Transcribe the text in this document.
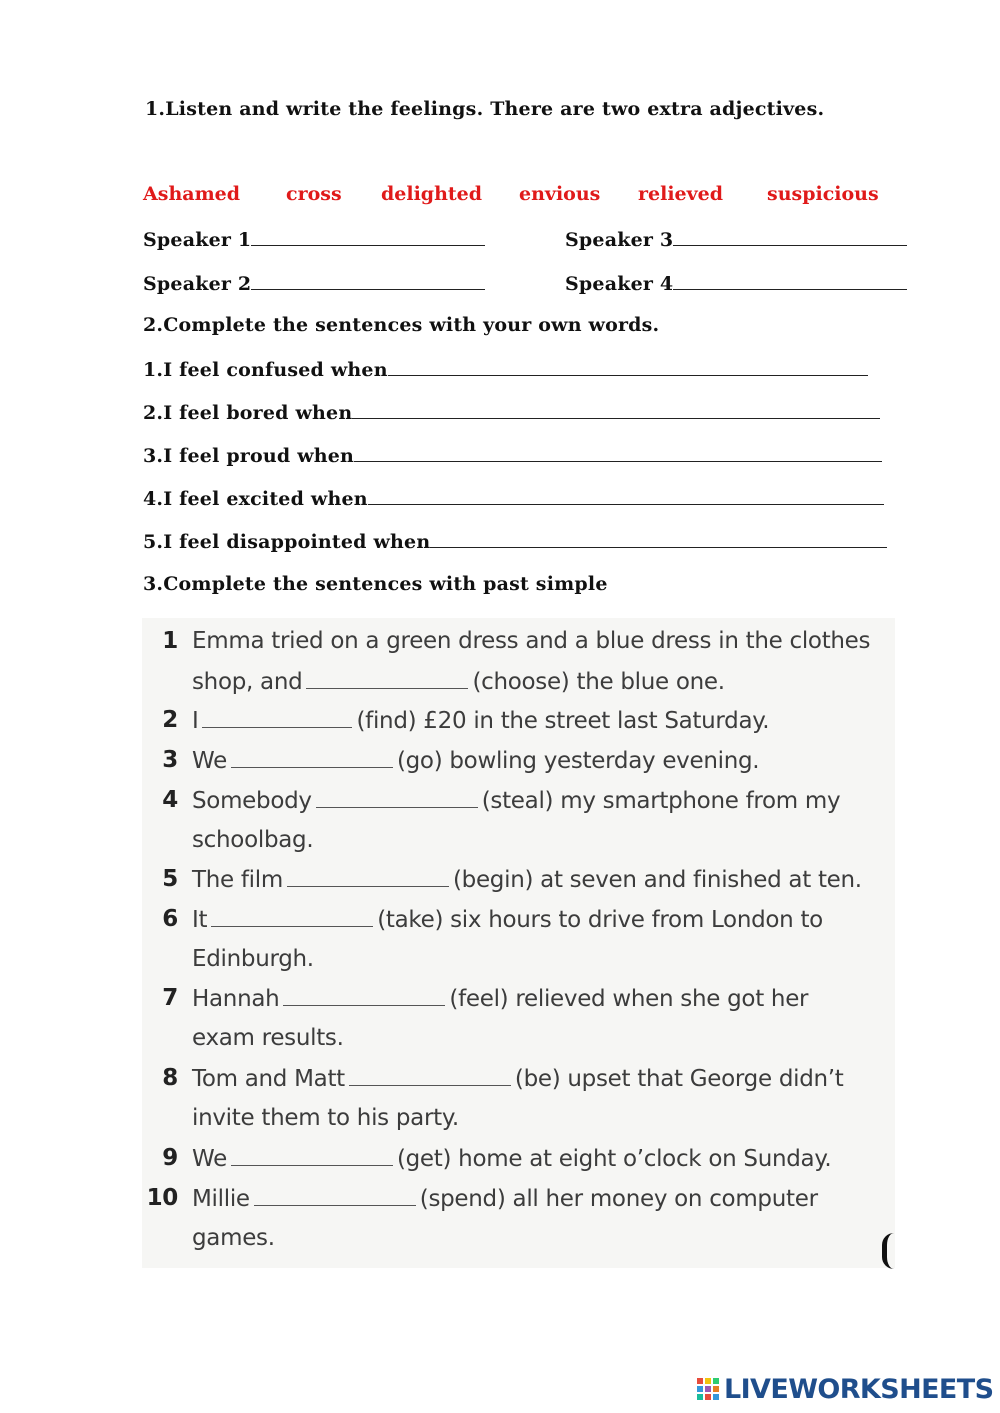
1.Listen and write the feelings. There are two extra adjectives.
Ashamed cross delighted envious relieved suspicious
Speaker 1	Speaker 3
Speaker 2	Speaker 4
2.Complete the sentences with your own words.
1.I feel confused when
2.I feel bored when
3.I feel proud when
4.I feel excited when
5.I feel disappointed when
3.Complete the sentences with past simple
1 Emma tried on a green dress and a blue dress in the clothes
shop, and	(choose) the blue one.
2 I	(find) £20 in the street last Saturday.
3 We	(go) bowling yesterday evening.
4 Somebody	(steal) my smartphone from my
schoolbag.
5 The film	(begin) at seven and finished at ten.
6 It	(take) six hours to drive from London to
Edinburgh.
7 Hannah	(feel) relieved when she got her
exam results.
8 Tom and Matt	(be) upset that George didn’t
invite them to his party.
9 We	(get) home at eight o’clock on Sunday.
10 Millie	(spend) all her money on computer
games.
LIVEWORKSHEETS
